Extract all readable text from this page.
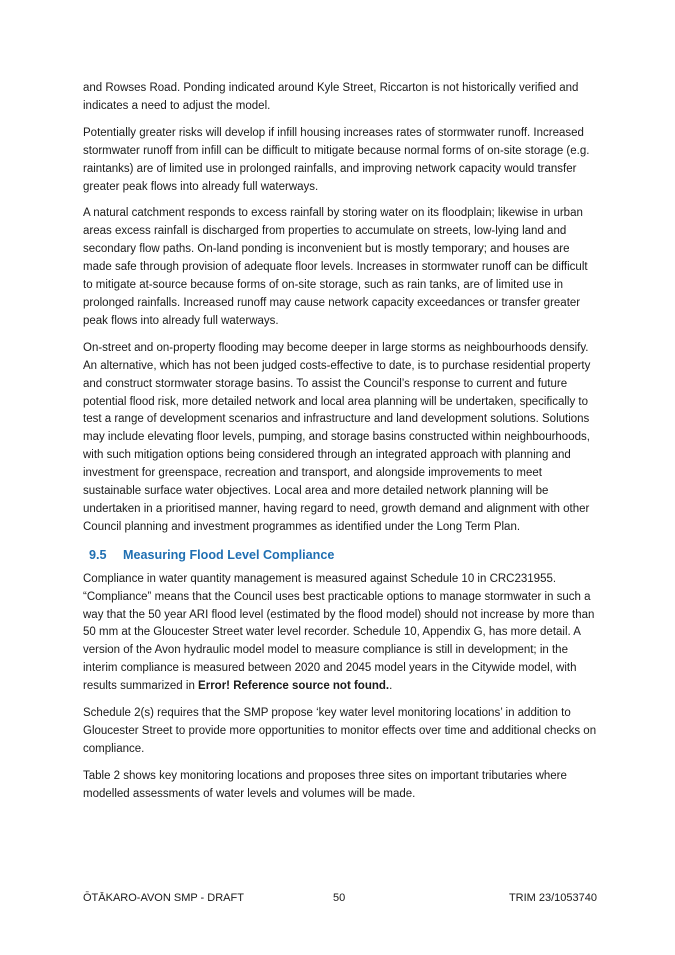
and Rowses Road. Ponding indicated around Kyle Street, Riccarton is not historically verified and indicates a need to adjust the model.

Potentially greater risks will develop if infill housing increases rates of stormwater runoff. Increased stormwater runoff from infill can be difficult to mitigate because normal forms of on-site storage (e.g. raintanks) are of limited use in prolonged rainfalls, and improving network capacity would transfer greater peak flows into already full waterways.

A natural catchment responds to excess rainfall by storing water on its floodplain; likewise in urban areas excess rainfall is discharged from properties to accumulate on streets, low-lying land and secondary flow paths. On-land ponding is inconvenient but is mostly temporary; and houses are made safe through provision of adequate floor levels. Increases in stormwater runoff can be difficult to mitigate at-source because forms of on-site storage, such as rain tanks, are of limited use in prolonged rainfalls. Increased runoff may cause network capacity exceedances or transfer greater peak flows into already full waterways.

On-street and on-property flooding may become deeper in large storms as neighbourhoods densify. An alternative, which has not been judged costs-effective to date, is to purchase residential property and construct stormwater storage basins. To assist the Council’s response to current and future potential flood risk, more detailed network and local area planning will be undertaken, specifically to test a range of development scenarios and infrastructure and land development solutions. Solutions may include elevating floor levels, pumping, and storage basins constructed within neighbourhoods, with such mitigation options being considered through an integrated approach with planning and investment for greenspace, recreation and transport, and alongside improvements to meet sustainable surface water objectives. Local area and more detailed network planning will be undertaken in a prioritised manner, having regard to need, growth demand and alignment with other Council planning and investment programmes as identified under the Long Term Plan.

9.5 Measuring Flood Level Compliance

Compliance in water quantity management is measured against Schedule 10 in CRC231955. “Compliance” means that the Council uses best practicable options to manage stormwater in such a way that the 50 year ARI flood level (estimated by the flood model) should not increase by more than 50 mm at the Gloucester Street water level recorder. Schedule 10, Appendix G, has more detail. A version of the Avon hydraulic model model to measure compliance is still in development; in the interim compliance is measured between 2020 and 2045 model years in the Citywide model, with results summarized in Error! Reference source not found..

Schedule 2(s) requires that the SMP propose ‘key water level monitoring locations’ in addition to Gloucester Street to provide more opportunities to monitor effects over time and additional checks on compliance.

Table 2 shows key monitoring locations and proposes three sites on important tributaries where modelled assessments of water levels and volumes will be made.

ŌTĀKARO-AVON SMP - DRAFT	50	TRIM 23/1053740
